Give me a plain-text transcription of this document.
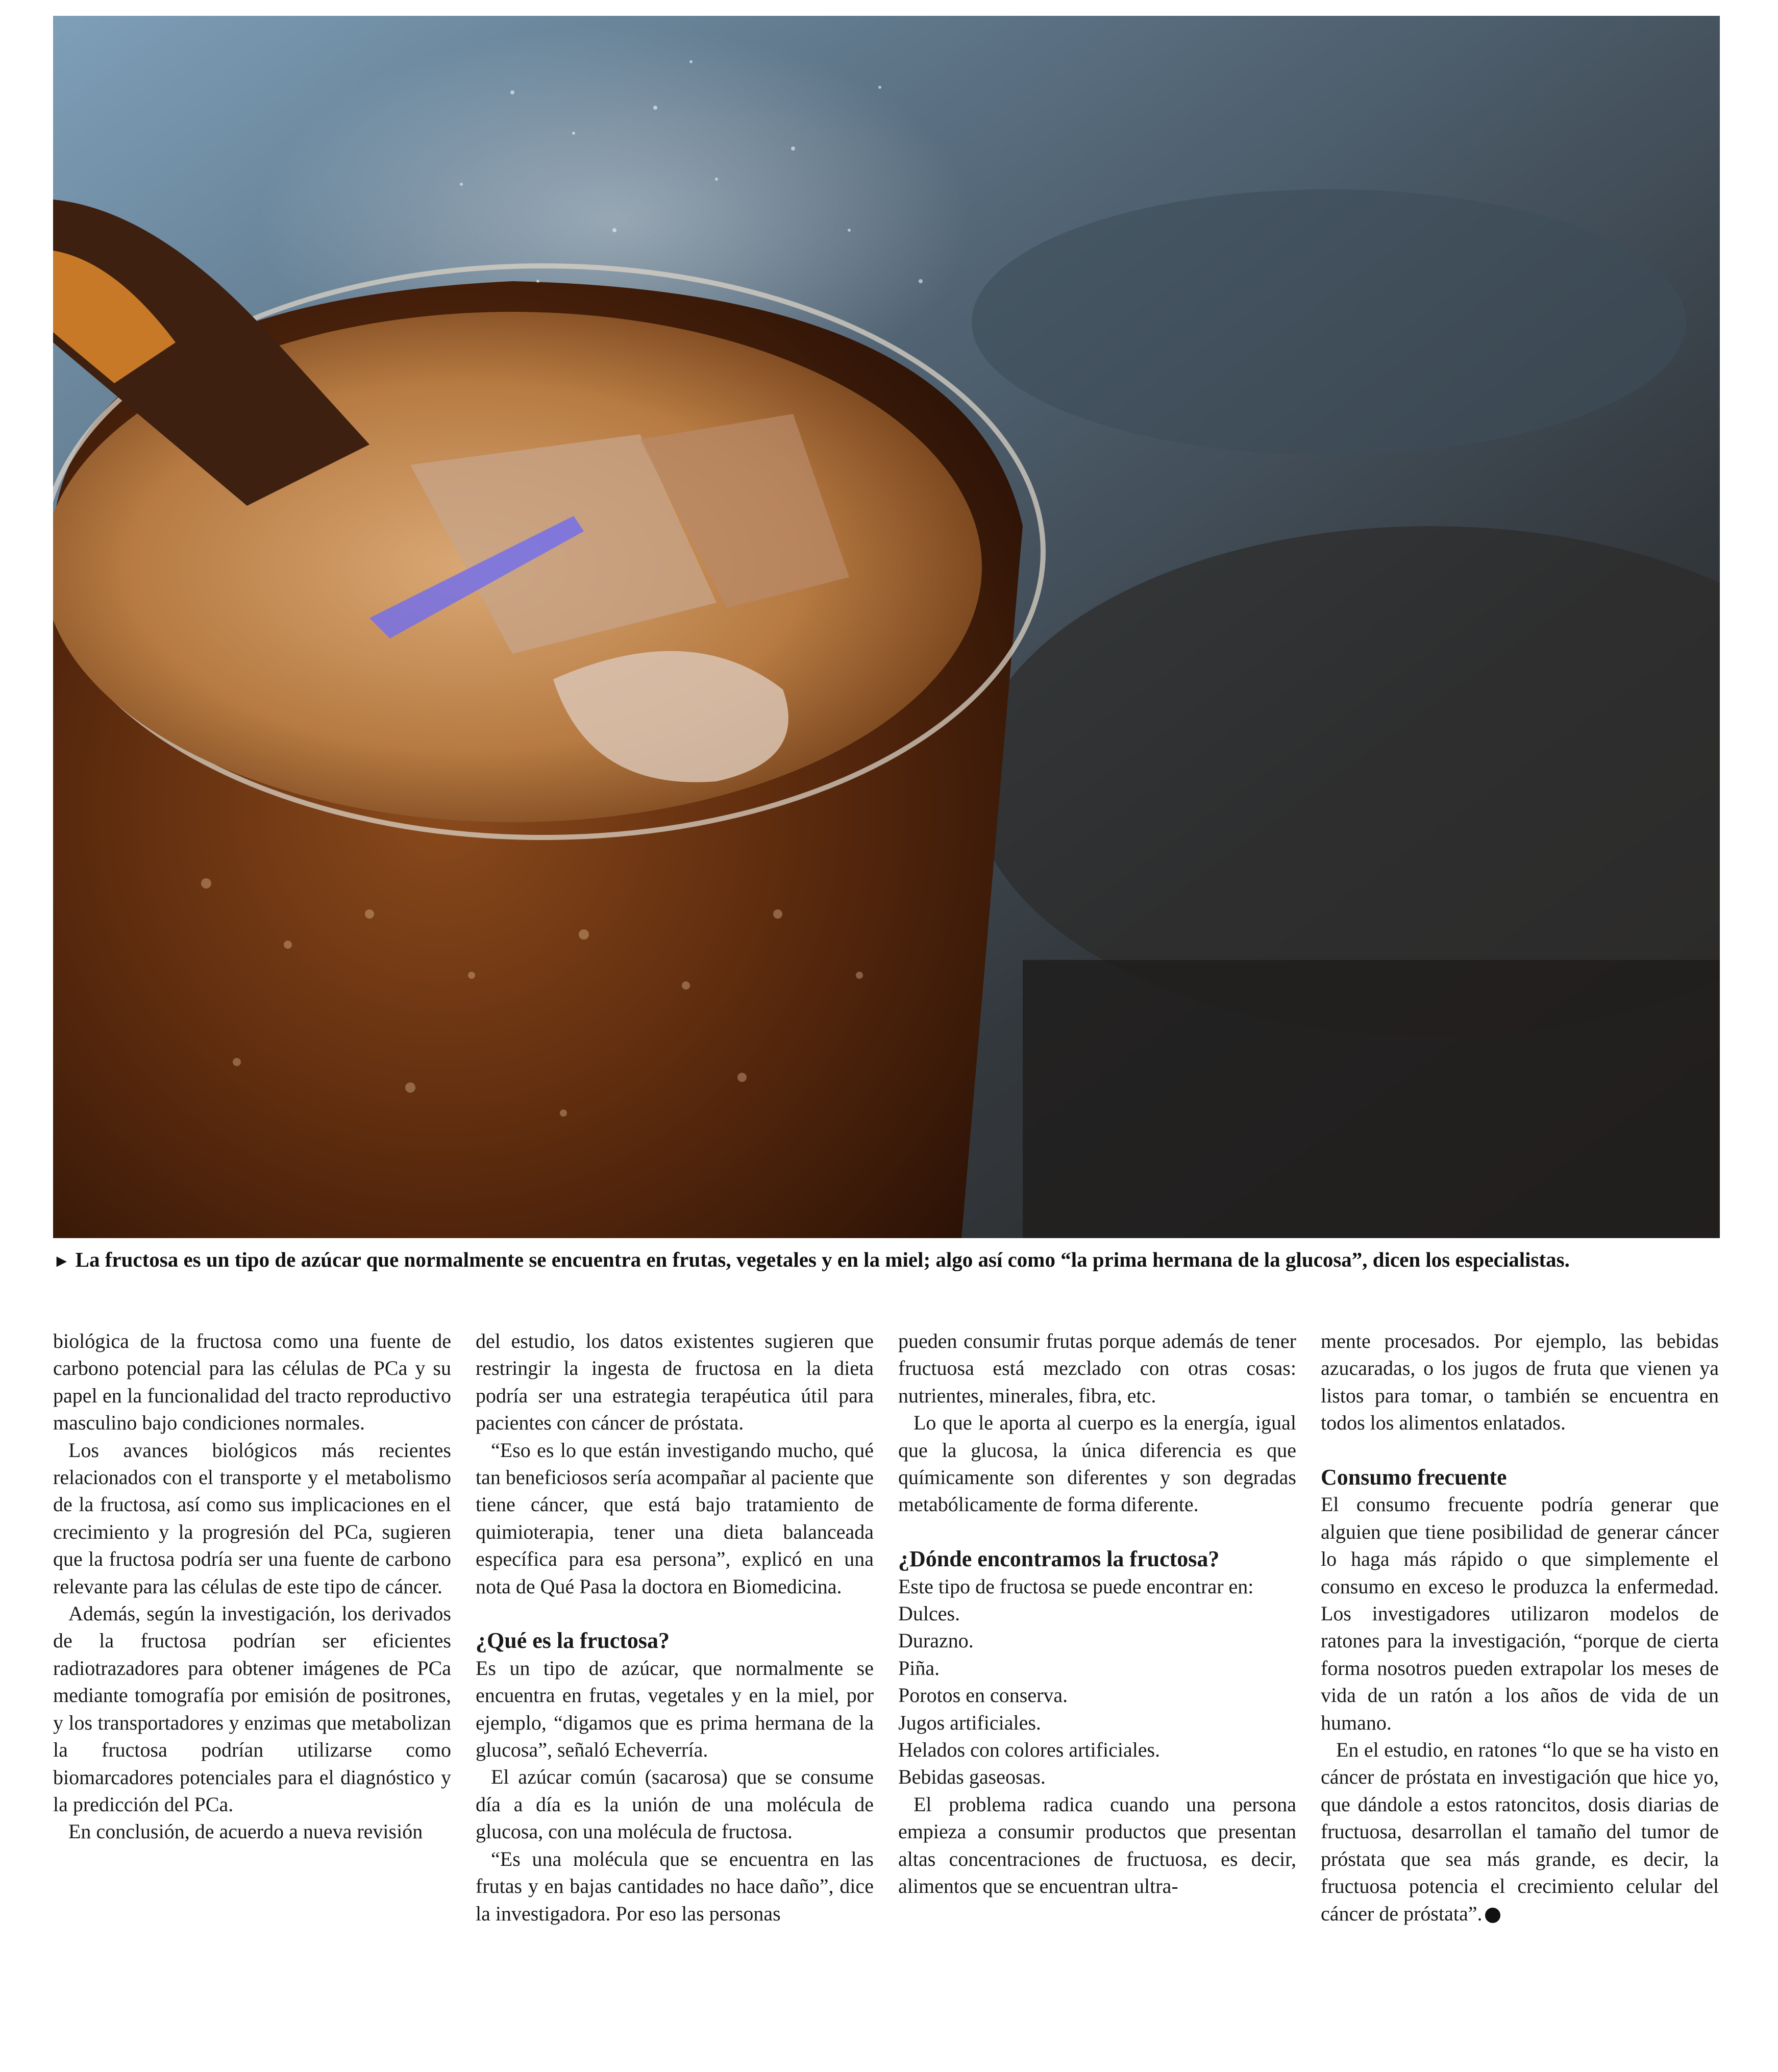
► La fructosa es un tipo de azúcar que normalmente se encuentra en frutas, vegetales y en la miel; algo así como “la prima hermana de la glucosa”, dicen los especialistas.

biológica de la fructosa como una fuente de carbono potencial para las células de PCa y su papel en la funcionalidad del tracto reproductivo masculino bajo condiciones normales.

Los avances biológicos más recientes relacionados con el transporte y el metabolismo de la fructosa, así como sus implicaciones en el crecimiento y la progresión del PCa, sugieren que la fructosa podría ser una fuente de carbono relevante para las células de este tipo de cáncer.

Además, según la investigación, los derivados de la fructosa podrían ser eficientes radiotrazadores para obtener imágenes de PCa mediante tomografía por emisión de positrones, y los transportadores y enzimas que metabolizan la fructosa podrían utilizarse como biomarcadores potenciales para el diagnóstico y la predicción del PCa.

En conclusión, de acuerdo a nueva revisión

del estudio, los datos existentes sugieren que restringir la ingesta de fructosa en la dieta podría ser una estrategia terapéutica útil para pacientes con cáncer de próstata.

“Eso es lo que están investigando mucho, qué tan beneficiosos sería acompañar al paciente que tiene cáncer, que está bajo tratamiento de quimioterapia, tener una dieta balanceada específica para esa persona”, explicó en una nota de Qué Pasa la doctora en Biomedicina.

¿Qué es la fructosa?

Es un tipo de azúcar, que normalmente se encuentra en frutas, vegetales y en la miel, por ejemplo, “digamos que es prima hermana de la glucosa”, señaló Echeverría.

El azúcar común (sacarosa) que se consume día a día es la unión de una molécula de glucosa, con una molécula de fructosa.

“Es una molécula que se encuentra en las frutas y en bajas cantidades no hace daño”, dice la investigadora. Por eso las personas

pueden consumir frutas porque además de tener fructuosa está mezclado con otras cosas: nutrientes, minerales, fibra, etc.

Lo que le aporta al cuerpo es la energía, igual que la glucosa, la única diferencia es que químicamente son diferentes y son degradas metabólicamente de forma diferente.

¿Dónde encontramos la fructosa?

Este tipo de fructosa se puede encontrar en:

Dulces.

Durazno.

Piña.

Porotos en conserva.

Jugos artificiales.

Helados con colores artificiales.

Bebidas gaseosas.

El problema radica cuando una persona empieza a consumir productos que presentan altas concentraciones de fructuosa, es decir, alimentos que se encuentran ultra-

mente procesados. Por ejemplo, las bebidas azucaradas, o los jugos de fruta que vienen ya listos para tomar, o también se encuentra en todos los alimentos enlatados.

Consumo frecuente

El consumo frecuente podría generar que alguien que tiene posibilidad de generar cáncer lo haga más rápido o que simplemente el consumo en exceso le produzca la enfermedad. Los investigadores utilizaron modelos de ratones para la investigación, “porque de cierta forma nosotros pueden extrapolar los meses de vida de un ratón a los años de vida de un humano.

En el estudio, en ratones “lo que se ha visto en cáncer de próstata en investigación que hice yo, que dándole a estos ratoncitos, dosis diarias de fructuosa, desarrollan el tamaño del tumor de próstata que sea más grande, es decir, la fructuosa potencia el crecimiento celular del cáncer de próstata”.
